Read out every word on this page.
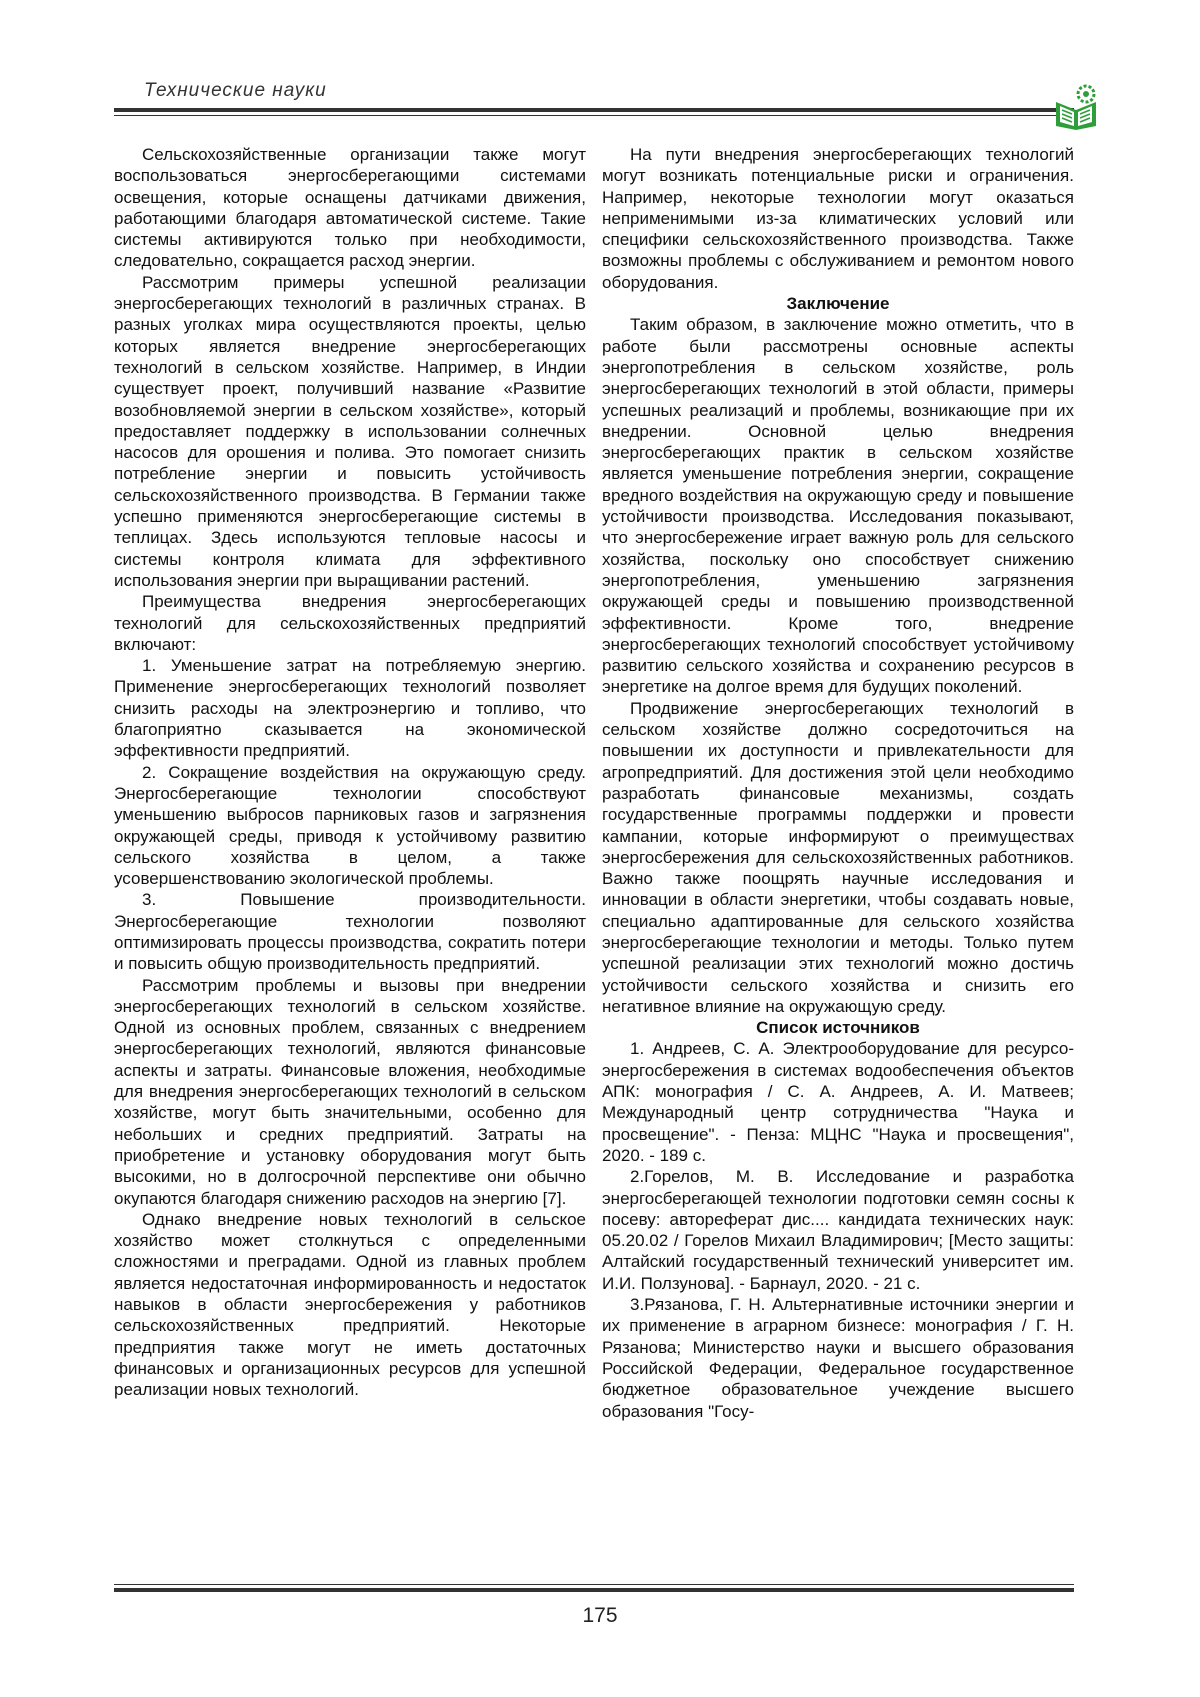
Технические науки

Сельскохозяйственные организации также могут воспользоваться энергосберегающими системами освещения, которые оснащены датчиками движения, работающими благодаря автоматической системе. Такие системы активируются только при необходимости, следовательно, сокращается расход энергии.

Рассмотрим примеры успешной реализации энергосберегающих технологий в различных странах. В разных уголках мира осуществляются проекты, целью которых является внедрение энергосберегающих технологий в сельском хозяйстве. Например, в Индии существует проект, получивший название «Развитие возобновляемой энергии в сельском хозяйстве», который предоставляет поддержку в использовании солнечных насосов для орошения и полива. Это помогает снизить потребление энергии и повысить устойчивость сельскохозяйственного производства. В Германии также успешно применяются энергосберегающие системы в теплицах. Здесь используются тепловые насосы и системы контроля климата для эффективного использования энергии при выращивании растений.

Преимущества внедрения энергосберегающих технологий для сельскохозяйственных предприятий включают:

1. Уменьшение затрат на потребляемую энергию. Применение энергосберегающих технологий позволяет снизить расходы на электроэнергию и топливо, что благоприятно сказывается на экономической эффективности предприятий.

2. Сокращение воздействия на окружающую среду. Энергосберегающие технологии способствуют уменьшению выбросов парниковых газов и загрязнения окружающей среды, приводя к устойчивому развитию сельского хозяйства в целом, а также усовершенствованию экологической проблемы.

3. Повышение производительности. Энергосберегающие технологии позволяют оптимизировать процессы производства, сократить потери и повысить общую производительность предприятий.

Рассмотрим проблемы и вызовы при внедрении энергосберегающих технологий в сельском хозяйстве. Одной из основных проблем, связанных с внедрением энергосберегающих технологий, являются финансовые аспекты и затраты. Финансовые вложения, необходимые для внедрения энергосберегающих технологий в сельском хозяйстве, могут быть значительными, особенно для небольших и средних предприятий. Затраты на приобретение и установку оборудования могут быть высокими, но в долгосрочной перспективе они обычно окупаются благодаря снижению расходов на энергию [7].

Однако внедрение новых технологий в сельское хозяйство может столкнуться с определенными сложностями и преградами. Одной из главных проблем является недостаточная информированность и недостаток навыков в области энергосбережения у работников сельскохозяйственных предприятий. Некоторые предприятия также могут не иметь достаточных финансовых и организационных ресурсов для успешной реализации новых технологий.

На пути внедрения энергосберегающих технологий могут возникать потенциальные риски и ограничения. Например, некоторые технологии могут оказаться неприменимыми из-за климатических условий или специфики сельскохозяйственного производства. Также возможны проблемы с обслуживанием и ремонтом нового оборудования.

Заключение

Таким образом, в заключение можно отметить, что в работе были рассмотрены основные аспекты энергопотребления в сельском хозяйстве, роль энергосберегающих технологий в этой области, примеры успешных реализаций и проблемы, возникающие при их внедрении. Основной целью внедрения энергосберегающих практик в сельском хозяйстве является уменьшение потребления энергии, сокращение вредного воздействия на окружающую среду и повышение устойчивости производства. Исследования показывают, что энергосбережение играет важную роль для сельского хозяйства, поскольку оно способствует снижению энергопотребления, уменьшению загрязнения окружающей среды и повышению производственной эффективности. Кроме того, внедрение энергосберегающих технологий способствует устойчивому развитию сельского хозяйства и сохранению ресурсов в энергетике на долгое время для будущих поколений.

Продвижение энергосберегающих технологий в сельском хозяйстве должно сосредоточиться на повышении их доступности и привлекательности для агропредприятий. Для достижения этой цели необходимо разработать финансовые механизмы, создать государственные программы поддержки и провести кампании, которые информируют о преимуществах энергосбережения для сельскохозяйственных работников. Важно также поощрять научные исследования и инновации в области энергетики, чтобы создавать новые, специально адаптированные для сельского хозяйства энергосберегающие технологии и методы. Только путем успешной реализации этих технологий можно достичь устойчивости сельского хозяйства и снизить его негативное влияние на окружающую среду.

Список источников

1. Андреев, С. А. Электрооборудование для ресурсо-энергосбережения в системах водообеспечения объектов АПК: монография / С. А. Андреев, А. И. Матвеев; Международный центр сотрудничества "Наука и просвещение". - Пенза: МЦНС "Наука и просвещения", 2020. - 189 с.

2.Горелов, М. В. Исследование и разработка энергосберегающей технологии подготовки семян сосны к посеву: автореферат дис.... кандидата технических наук: 05.20.02 / Горелов Михаил Владимирович; [Место защиты: Алтайский государственный технический университет им. И.И. Ползунова]. - Барнаул, 2020. - 21 с.

3.Рязанова, Г. Н. Альтернативные источники энергии и их применение в аграрном бизнесе: монография / Г. Н. Рязанова; Министерство науки и высшего образования Российской Федерации, Федеральное государственное бюджетное образовательное учеждение высшего образования "Госу-

175
